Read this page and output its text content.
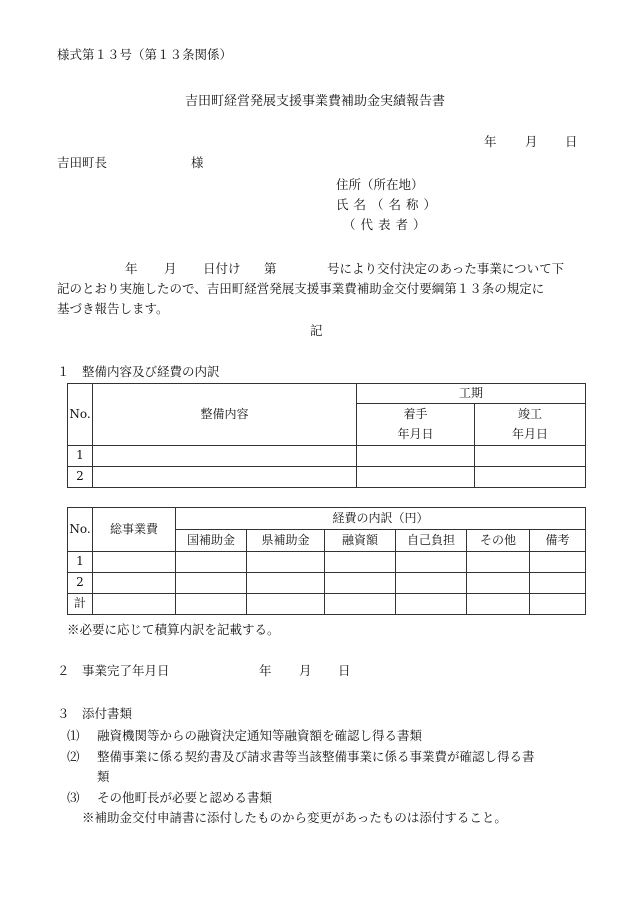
様式第１３号（第１３条関係）
吉田町経営発展支援事業費補助金実績報告書
年 月 日
吉田町長	様
住所（所在地）
氏名（名称）
（代表者）
年 月 日付け 第	号により交付決定のあった事業について下
記のとおり実施したので、吉田町経営発展支援事業費補助金交付要綱第１３条の規定に
基づき報告します。
記
１　整備内容及び経費の内訳
No.	整備内容	工期	
		着手	竣工
		年月日	年月日
1			
2			
No.	総事業費	経費の内訳（円）					
		国補助金	県補助金	融資額	自己負担	その他	備考
1							
2							
計							
※必要に応じて積算内訳を記載する。
２　事業完了年月日	年 月 日
３　添付書類
⑴ 融資機関等からの融資決定通知等融資額を確認し得る書類
⑵ 整備事業に係る契約書及び請求書等当該整備事業に係る事業費が確認し得る書
類
⑶ その他町長が必要と認める書類
※補助金交付申請書に添付したものから変更があったものは添付すること。
